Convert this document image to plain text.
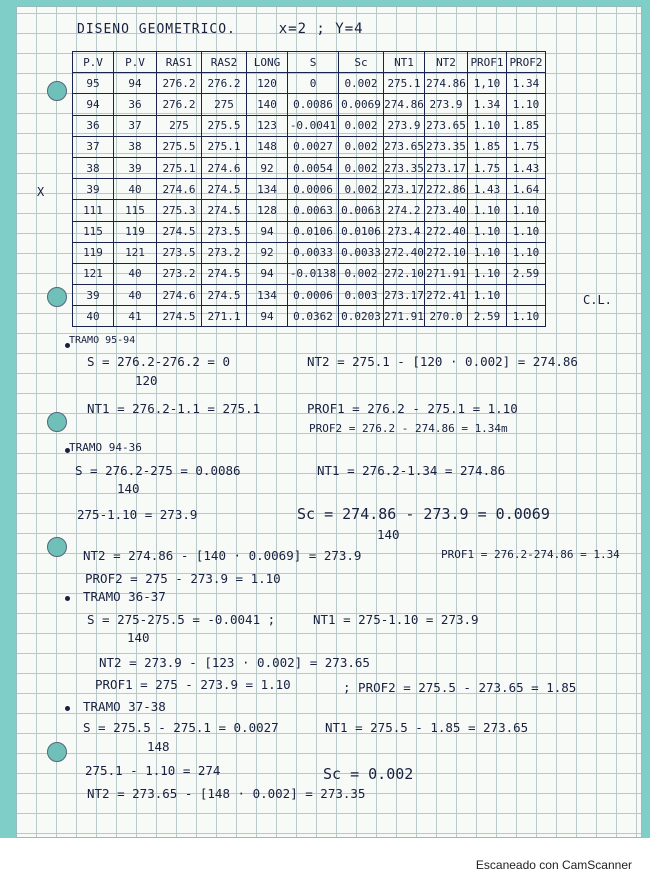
DISENO GEOMETRICO.	x=2 ; Y=4
X
P.V	P.V	RAS1	RAS2	LONG	S	Sc	NT1	NT2	PROF1	PROF2
95	94	276.2	276.2	120	0	0.002	275.1	274.86	1,10	1.34
94	36	276.2	275	140	0.0086	0.0069	274.86	273.9	1.34	1.10
36	37	275	275.5	123	-0.0041	0.002	273.9	273.65	1.10	1.85
37	38	275.5	275.1	148	0.0027	0.002	273.65	273.35	1.85	1.75
38	39	275.1	274.6	92	0.0054	0.002	273.35	273.17	1.75	1.43
39	40	274.6	274.5	134	0.0006	0.002	273.17	272.86	1.43	1.64
111	115	275.3	274.5	128	0.0063	0.0063	274.2	273.40	1.10	1.10
115	119	274.5	273.5	94	0.0106	0.0106	273.4	272.40	1.10	1.10
119	121	273.5	273.2	92	0.0033	0.0033	272.40	272.10	1.10	1.10
121	40	273.2	274.5	94	-0.0138	0.002	272.10	271.91	1.10	2.59
39	40	274.6	274.5	134	0.0006	0.003	273.17	272.41	1.10	
40	41	274.5	271.1	94	0.0362	0.0203	271.91	270.0	2.59	1.10
C.L.
TRAMO 95-94
S = 276.2-276.2 = 0
120
NT2 = 275.1 - [120 · 0.002] = 274.86
NT1 = 276.2-1.1 = 275.1	PROF1 = 276.2 - 275.1 = 1.10
PROF2 = 276.2 - 274.86 = 1.34m
TRAMO 94-36
S = 276.2-275 = 0.0086
140
NT1 = 276.2-1.34 = 274.86
275-1.10 = 273.9	Sc = 274.86 - 273.9 = 0.0069
140
NT2 = 274.86 - [140 · 0.0069] = 273.9	PROF1 = 276.2-274.86 = 1.34
PROF2 = 275 - 273.9 = 1.10
TRAMO 36-37
S = 275-275.5 = -0.0041 ;
140
NT1 = 275-1.10 = 273.9
NT2 = 273.9 - [123 · 0.002] = 273.65
PROF1 = 275 - 273.9 = 1.10	; PROF2 = 275.5 - 273.65 = 1.85
TRAMO 37-38
S = 275.5 - 275.1 = 0.0027
148
NT1 = 275.5 - 1.85 = 273.65
275.1 - 1.10 = 274	Sc = 0.002
NT2 = 273.65 - [148 · 0.002] = 273.35
Escaneado con CamScanner
